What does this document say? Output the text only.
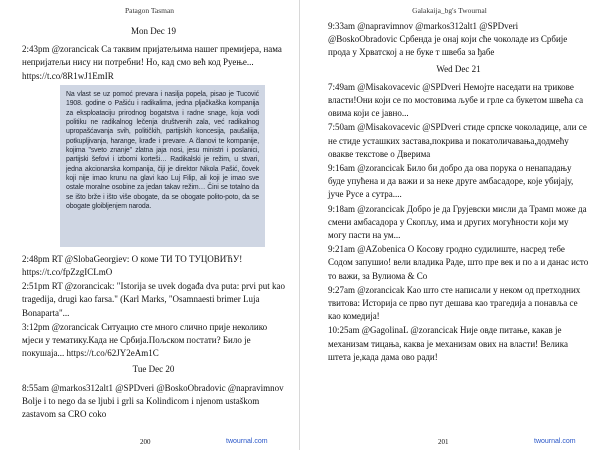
Patagon Tasman
Mon Dec 19
2:43pm @zorancicak Са таквим пријатељима нашег премијера, нама непријатељи нису ни потребни! Но, кад смо већ код Руење... https://t.co/8R1wJ1EmIR
Na vlast se uz pomoć prevara i nasilja popela, pisao je Tucović 1908. godine o Pašiću i radikalima, jedna pljačkaška kompanija za eksploataciju prirodnog bogatstva i radne snage, koja vodi politiku ne radikalnog lečenja društvenih zala, već radikalnog upropašćavanja svih, političkih, partijskih koncesija, paušaliija, potkuplјivanja, harange, krađe i prevare. A članovi te kompanije, kojima "sveto znanje" zlatna jaja nosi, jesu ministri i poslanici, partijski šefovi i izborni korteši… Radikalski je režim, u stvari, jedna akcionarska kompanija, čiji je direktor Nikola Pašić, čovek koji nije imao krunu na glavi kao Luj Filip, ali koji je imao sve ostale moralne osobine za jedan takav režim… Čini se totalno da se išto brže i išto više obogate, da se obogate polito-poto, da se obogate gloibljenjem naroda.
2:48pm RT @SlobaGeorgiev: О коме ТИ ТО ТУЦОВИЋУ! https://t.co/fpZzgICLmO
2:51pm RT @zorancicak: "Istorija se uvek događa dva puta: prvi put kao tragedija, drugi kao farsa." (Karl Marks, "Osamnaesti brimer Luja Bonaparta"...
3:12pm @zorancicak Ситуацио сте много слично прије неколико мјеси у тематику.Када не Србија.Пољском постати? Било је покушаја... https://t.co/62JY2eAm1C
Tue Dec 20
8:55am @markos312alt1 @SPDveri @BoskoObradovic @napravimnov Bolje i to nego da se ljubi i grli sa Kolindicom i njenom ustaškom zastavom sa CRO coko
200	twournal.com
Galakaija_bg's Twournal
9:33am @napravimnov @markos312alt1 @SPDveri @BoskoObradovic Србенда је онај који сће чоколаде из Србије прода у Хрватској а не буке т швеба за ђабе
Wed Dec 21
7:49am @Misakovacevic @SPDveri Немојте наседати на трикове власти!Они који се по мостовима љубе и грле са букетом швећа са овима који се јавно...
7:50am @Misakovacevic @SPDveri стиде српске чоколадице, али се не стиде усташких застава,покрива и покатоличавања,додмећу овакве текстове о Дверима
9:16am @zorancicak Било би добро да ова порука о ненападању буде упућена и да важи и за неке друге амбасадоре, које убијају, јуче Русе а сутра....
9:18am @zorancicak Добро је да Грујевски мисли да Трамп може да смени амбасадора у Скопљу, има и других могућности који му могу пасти на ум...
9:21am @AZobenica О Косову гродно судилиште, насред тебе Содом запушио! вели владика Раде, што пре век и по а и данас исто то важи, за Вулиома & Co
9:27am @zorancicak Као што сте написали у неком од претходних твитова: Историја се прво пут дешава као трагедија а понавља се као комедија!
10:25am @GagolinaL @zorancicak Није овде питање, какав је механизам тицања, каква је механизам ових на власти! Велика штета је,када дама ово ради!
201	twournal.com
